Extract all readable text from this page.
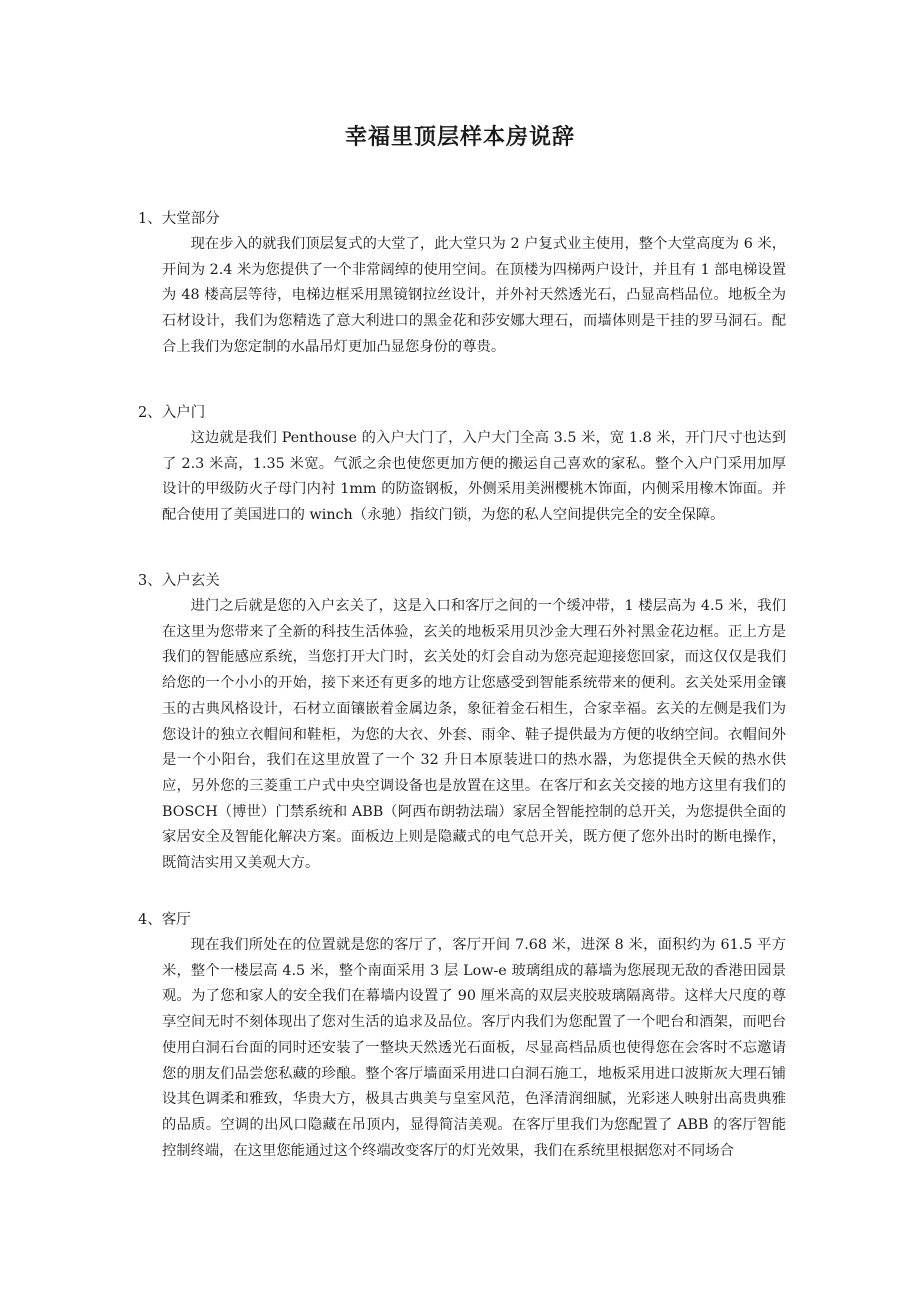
幸福里顶层样本房说辞

1、大堂部分

现在步入的就我们顶层复式的大堂了，此大堂只为 2 户复式业主使用，整个大堂高度为 6 米，开间为 2.4 米为您提供了一个非常阔绰的使用空间。在顶楼为四梯两户设计，并且有 1 部电梯设置为 48 楼高层等待，电梯边框采用黑镜钢拉丝设计，并外衬天然透光石，凸显高档品位。地板全为石材设计，我们为您精选了意大利进口的黑金花和莎安娜大理石，而墙体则是干挂的罗马洞石。配合上我们为您定制的水晶吊灯更加凸显您身份的尊贵。

2、入户门

这边就是我们 Penthouse 的入户大门了，入户大门全高 3.5 米，宽 1.8 米，开门尺寸也达到了 2.3 米高，1.35 米宽。气派之余也使您更加方便的搬运自己喜欢的家私。整个入户门采用加厚设计的甲级防火子母门内衬 1mm 的防盗钢板，外侧采用美洲樱桃木饰面，内侧采用橡木饰面。并配合使用了美国进口的 winch（永驰）指纹门锁，为您的私人空间提供完全的安全保障。

3、入户玄关

进门之后就是您的入户玄关了，这是入口和客厅之间的一个缓冲带，1 楼层高为 4.5 米，我们在这里为您带来了全新的科技生活体验，玄关的地板采用贝沙金大理石外衬黑金花边框。正上方是我们的智能感应系统，当您打开大门时，玄关处的灯会自动为您亮起迎接您回家，而这仅仅是我们给您的一个小小的开始，接下来还有更多的地方让您感受到智能系统带来的便利。玄关处采用金镶玉的古典风格设计，石材立面镶嵌着金属边条，象征着金石相生，合家幸福。玄关的左侧是我们为您设计的独立衣帽间和鞋柜，为您的大衣、外套、雨伞、鞋子提供最为方便的收纳空间。衣帽间外是一个小阳台，我们在这里放置了一个 32 升日本原装进口的热水器，为您提供全天候的热水供应，另外您的三菱重工户式中央空调设备也是放置在这里。在客厅和玄关交接的地方这里有我们的 BOSCH（博世）门禁系统和 ABB（阿西布朗勃法瑞）家居全智能控制的总开关，为您提供全面的家居安全及智能化解决方案。面板边上则是隐藏式的电气总开关，既方便了您外出时的断电操作，既简洁实用又美观大方。

4、客厅

现在我们所处在的位置就是您的客厅了，客厅开间 7.68 米，进深 8 米，面积约为 61.5 平方米，整个一楼层高 4.5 米，整个南面采用 3 层 Low-e 玻璃组成的幕墙为您展现无敌的香港田园景观。为了您和家人的安全我们在幕墙内设置了 90 厘米高的双层夹胶玻璃隔离带。这样大尺度的尊享空间无时不刻体现出了您对生活的追求及品位。客厅内我们为您配置了一个吧台和酒架，而吧台使用白洞石台面的同时还安装了一整块天然透光石面板，尽显高档品质也使得您在会客时不忘邀请您的朋友们品尝您私藏的珍酿。整个客厅墙面采用进口白洞石施工，地板采用进口波斯灰大理石铺设其色调柔和雅致，华贵大方，极具古典美与皇室风范，色泽清润细腻，光彩迷人映射出高贵典雅的品质。空调的出风口隐藏在吊顶内，显得简洁美观。在客厅里我们为您配置了 ABB 的客厅智能控制终端，在这里您能通过这个终端改变客厅的灯光效果，我们在系统里根据您对不同场合
